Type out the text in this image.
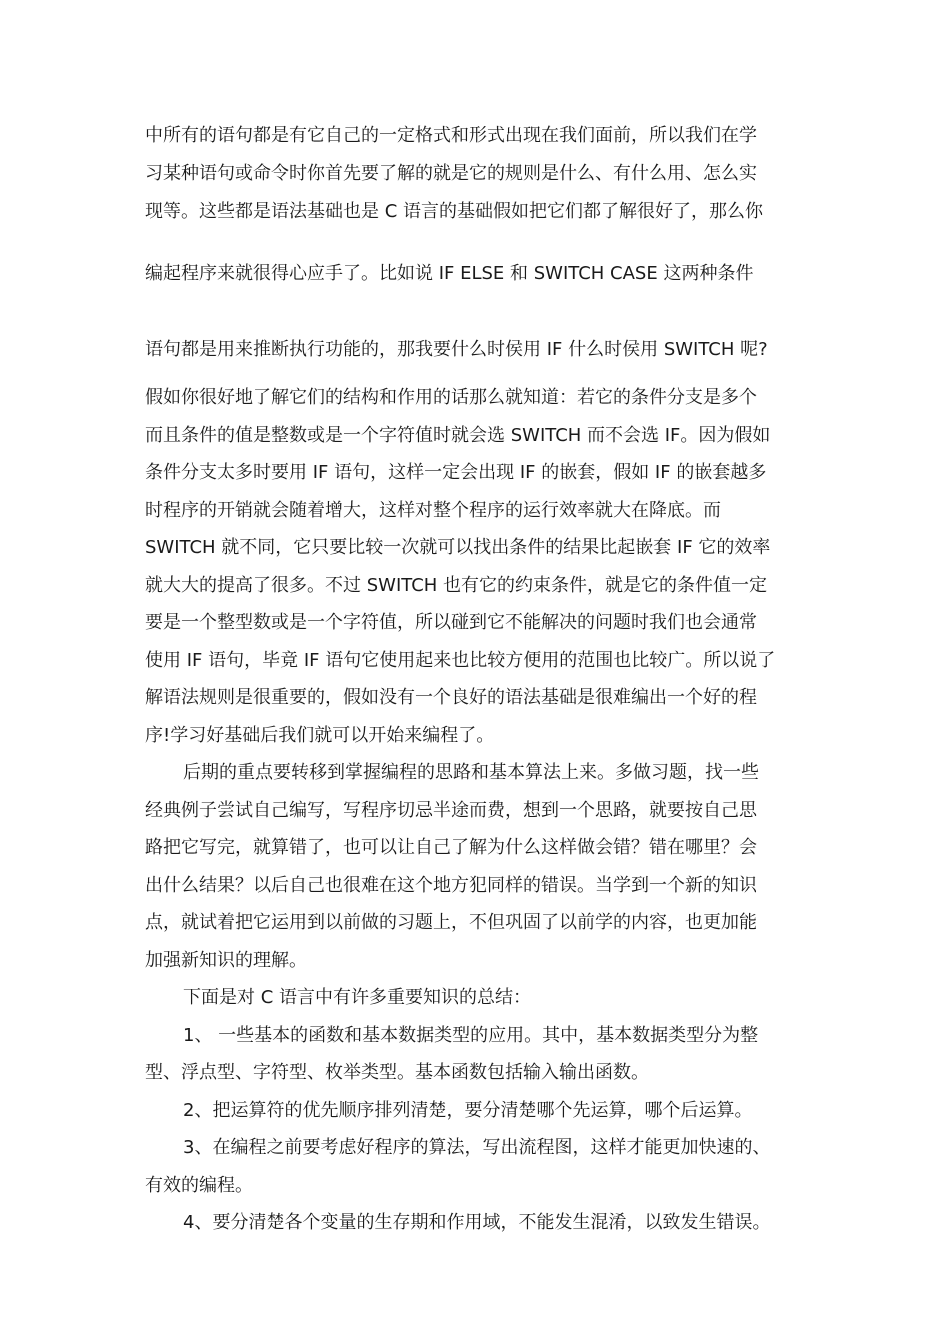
中所有的语句都是有它自己的一定格式和形式出现在我们面前，所以我们在学
习某种语句或命令时你首先要了解的就是它的规则是什么、有什么用、怎么实
现等。这些都是语法基础也是 C 语言的基础假如把它们都了解很好了，那么你
编起程序来就很得心应手了。比如说 IF ELSE 和 SWITCH CASE 这两种条件
语句都是用来推断执行功能的，那我要什么时侯用 IF 什么时侯用 SWITCH 呢?
假如你很好地了解它们的结构和作用的话那么就知道：若它的条件分支是多个
而且条件的值是整数或是一个字符值时就会选 SWITCH 而不会选 IF。因为假如
条件分支太多时要用 IF 语句，这样一定会出现 IF 的嵌套，假如 IF 的嵌套越多
时程序的开销就会随着增大，这样对整个程序的运行效率就大在降底。而
SWITCH 就不同，它只要比较一次就可以找出条件的结果比起嵌套 IF 它的效率
就大大的提高了很多。不过 SWITCH 也有它的约束条件，就是它的条件值一定
要是一个整型数或是一个字符值，所以碰到它不能解决的问题时我们也会通常
使用 IF 语句，毕竟 IF 语句它使用起来也比较方便用的范围也比较广。所以说了
解语法规则是很重要的，假如没有一个良好的语法基础是很难编出一个好的程
序!学习好基础后我们就可以开始来编程了。
后期的重点要转移到掌握编程的思路和基本算法上来。多做习题，找一些
经典例子尝试自己编写，写程序切忌半途而费，想到一个思路，就要按自己思
路把它写完，就算错了，也可以让自己了解为什么这样做会错？错在哪里？会
出什么结果？以后自己也很难在这个地方犯同样的错误。当学到一个新的知识
点，就试着把它运用到以前做的习题上，不但巩固了以前学的内容，也更加能
加强新知识的理解。
下面是对 C 语言中有许多重要知识的总结：
1、 一些基本的函数和基本数据类型的应用。其中，基本数据类型分为整
型、浮点型、字符型、枚举类型。基本函数包括输入输出函数。
2、把运算符的优先顺序排列清楚，要分清楚哪个先运算，哪个后运算。
3、在编程之前要考虑好程序的算法，写出流程图，这样才能更加快速的、
有效的编程。
4、要分清楚各个变量的生存期和作用域，不能发生混淆，以致发生错误。
